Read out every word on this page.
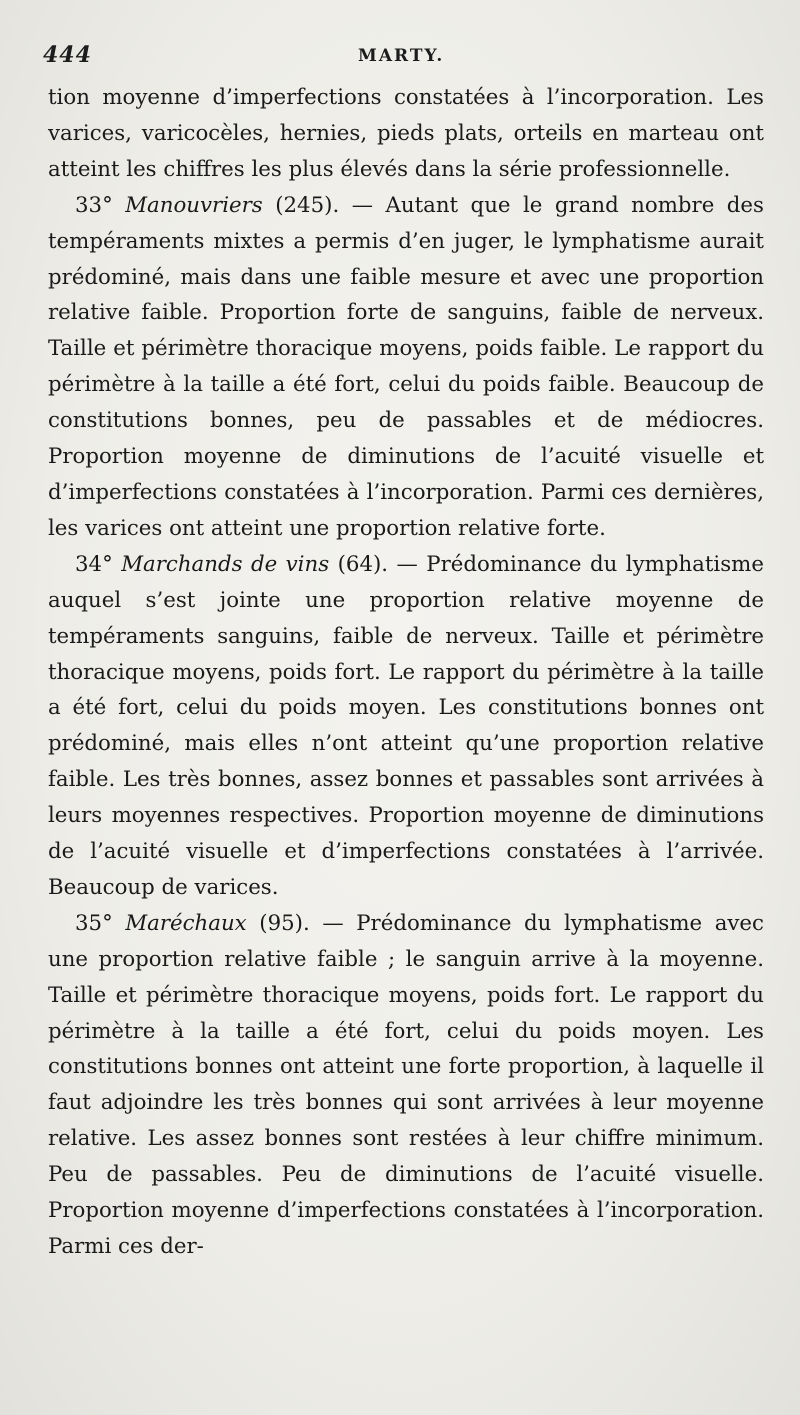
444	MARTY.

tion moyenne d’imperfections constatées à l’incorporation. Les varices, varicocèles, hernies, pieds plats, orteils en marteau ont atteint les chiffres les plus élevés dans la série professionnelle.

33° Manouvriers (245). — Autant que le grand nombre des tempéraments mixtes a permis d’en juger, le lymphatisme aurait prédominé, mais dans une faible mesure et avec une proportion relative faible. Proportion forte de sanguins, faible de nerveux. Taille et périmètre thoracique moyens, poids faible. Le rapport du périmètre à la taille a été fort, celui du poids faible. Beaucoup de constitutions bonnes, peu de passables et de médiocres. Proportion moyenne de diminutions de l’acuité visuelle et d’imperfections constatées à l’incorporation. Parmi ces dernières, les varices ont atteint une proportion relative forte.

34° Marchands de vins (64). — Prédominance du lymphatisme auquel s’est jointe une proportion relative moyenne de tempéraments sanguins, faible de nerveux. Taille et périmètre thoracique moyens, poids fort. Le rapport du périmètre à la taille a été fort, celui du poids moyen. Les constitutions bonnes ont prédominé, mais elles n’ont atteint qu’une proportion relative faible. Les très bonnes, assez bonnes et passables sont arrivées à leurs moyennes respectives. Proportion moyenne de diminutions de l’acuité visuelle et d’imperfections constatées à l’arrivée. Beaucoup de varices.

35° Maréchaux (95). — Prédominance du lymphatisme avec une proportion relative faible ; le sanguin arrive à la moyenne. Taille et périmètre thoracique moyens, poids fort. Le rapport du périmètre à la taille a été fort, celui du poids moyen. Les constitutions bonnes ont atteint une forte proportion, à laquelle il faut adjoindre les très bonnes qui sont arrivées à leur moyenne relative. Les assez bonnes sont restées à leur chiffre minimum. Peu de passables. Peu de diminutions de l’acuité visuelle. Proportion moyenne d’imperfections constatées à l’incorporation. Parmi ces der-
